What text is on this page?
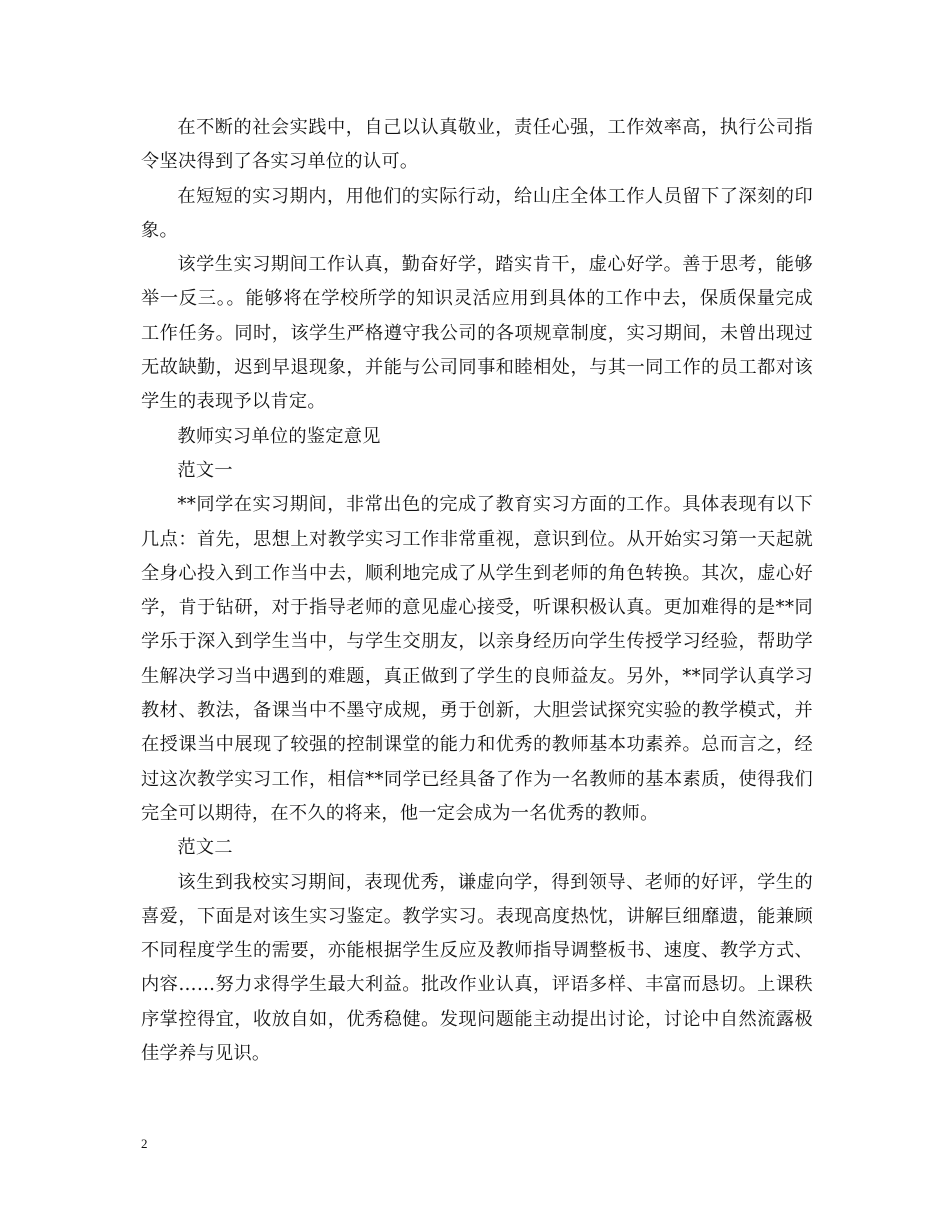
在不断的社会实践中，自己以认真敬业，责任心强，工作效率高，执行公司指令坚决得到了各实习单位的认可。

在短短的实习期内，用他们的实际行动，给山庄全体工作人员留下了深刻的印象。

该学生实习期间工作认真，勤奋好学，踏实肯干，虚心好学。善于思考，能够举一反三。。能够将在学校所学的知识灵活应用到具体的工作中去，保质保量完成工作任务。同时，该学生严格遵守我公司的各项规章制度，实习期间，未曾出现过无故缺勤，迟到早退现象，并能与公司同事和睦相处，与其一同工作的员工都对该学生的表现予以肯定。

教师实习单位的鉴定意见

范文一

**同学在实习期间，非常出色的完成了教育实习方面的工作。具体表现有以下几点：首先，思想上对教学实习工作非常重视，意识到位。从开始实习第一天起就全身心投入到工作当中去，顺利地完成了从学生到老师的角色转换。其次，虚心好学，肯于钻研，对于指导老师的意见虚心接受，听课积极认真。更加难得的是**同学乐于深入到学生当中，与学生交朋友，以亲身经历向学生传授学习经验，帮助学生解决学习当中遇到的难题，真正做到了学生的良师益友。另外，**同学认真学习教材、教法，备课当中不墨守成规，勇于创新，大胆尝试探究实验的教学模式，并在授课当中展现了较强的控制课堂的能力和优秀的教师基本功素养。总而言之，经过这次教学实习工作，相信**同学已经具备了作为一名教师的基本素质，使得我们完全可以期待，在不久的将来，他一定会成为一名优秀的教师。

范文二

该生到我校实习期间，表现优秀，谦虚向学，得到领导、老师的好评，学生的喜爱，下面是对该生实习鉴定。教学实习。表现高度热忱，讲解巨细靡遗，能兼顾不同程度学生的需要，亦能根据学生反应及教师指导调整板书、速度、教学方式、内容……努力求得学生最大利益。批改作业认真，评语多样、丰富而恳切。上课秩序掌控得宜，收放自如，优秀稳健。发现问题能主动提出讨论，讨论中自然流露极佳学养与见识。

2
